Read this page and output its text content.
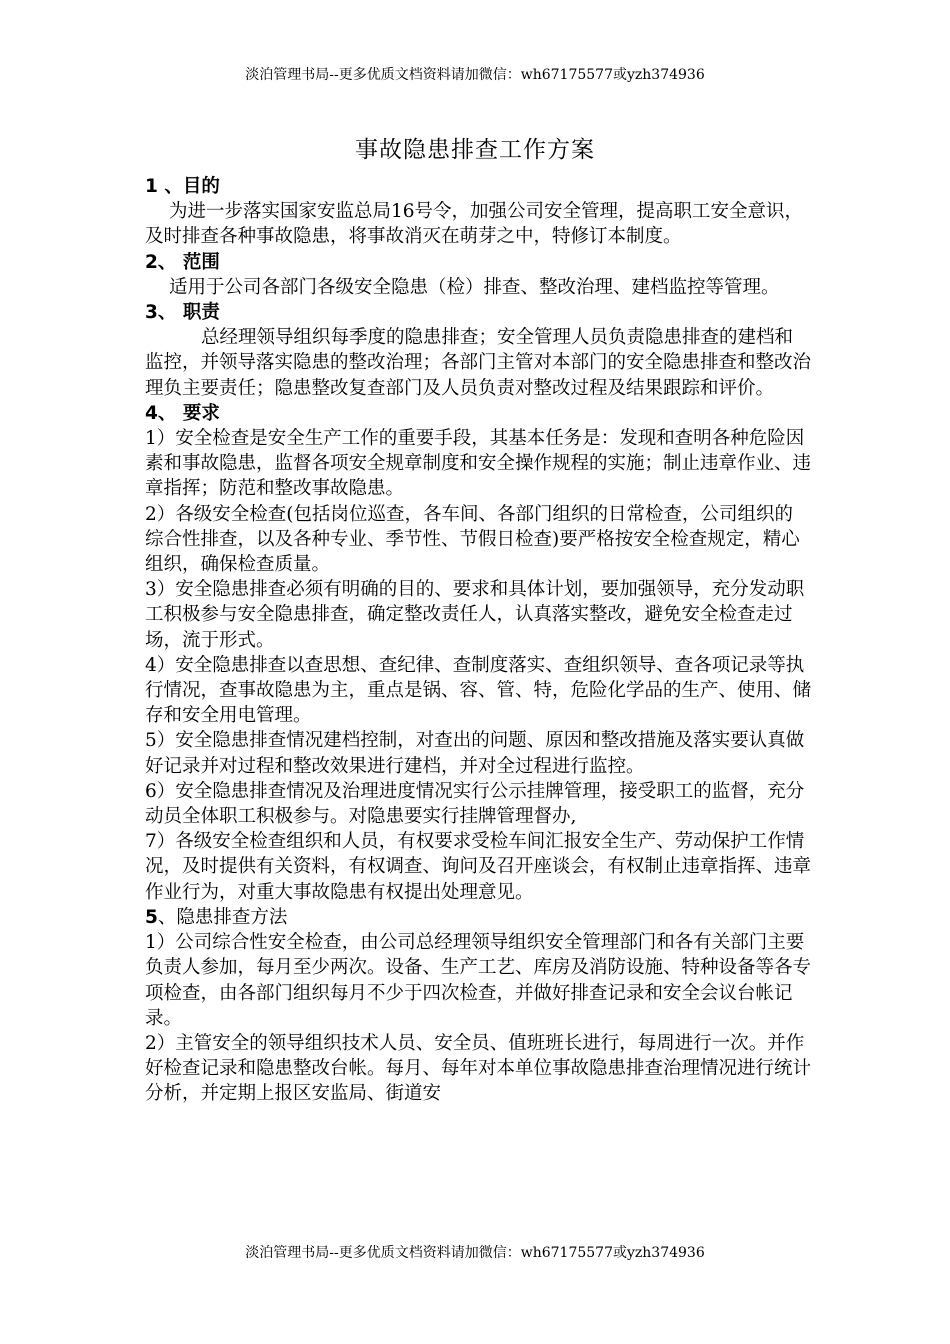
淡泊管理书局--更多优质文档资料请加微信：wh67175577或yzh374936
事故隐患排查工作方案

1 、目的

为进一步落实国家安监总局16号令，加强公司安全管理，提高职工安全意识，及时排查各种事故隐患，将事故消灭在萌芽之中，特修订本制度。

2、 范围

适用于公司各部门各级安全隐患（检）排查、整改治理、建档监控等管理。

3、 职责

总经理领导组织每季度的隐患排查；安全管理人员负责隐患排查的建档和监控，并领导落实隐患的整改治理；各部门主管对本部门的安全隐患排查和整改治理负主要责任；隐患整改复查部门及人员负责对整改过程及结果跟踪和评价。

4、 要求

1）安全检查是安全生产工作的重要手段，其基本任务是：发现和查明各种危险因素和事故隐患，监督各项安全规章制度和安全操作规程的实施；制止违章作业、违章指挥；防范和整改事故隐患。

2）各级安全检查(包括岗位巡查，各车间、各部门组织的日常检查，公司组织的综合性排查，以及各种专业、季节性、节假日检查)要严格按安全检查规定，精心组织，确保检查质量。

3）安全隐患排查必须有明确的目的、要求和具体计划，要加强领导，充分发动职工积极参与安全隐患排查，确定整改责任人，认真落实整改，避免安全检查走过场，流于形式。

4）安全隐患排查以查思想、查纪律、查制度落实、查组织领导、查各项记录等执行情况，查事故隐患为主，重点是锅、容、管、特，危险化学品的生产、使用、储存和安全用电管理。

5）安全隐患排查情况建档控制，对查出的问题、原因和整改措施及落实要认真做好记录并对过程和整改效果进行建档，并对全过程进行监控。

6）安全隐患排查情况及治理进度情况实行公示挂牌管理，接受职工的监督，充分动员全体职工积极参与。对隐患要实行挂牌管理督办,

7）各级安全检查组织和人员，有权要求受检车间汇报安全生产、劳动保护工作情况，及时提供有关资料，有权调查、询问及召开座谈会，有权制止违章指挥、违章作业行为，对重大事故隐患有权提出处理意见。

5、隐患排查方法

1）公司综合性安全检查，由公司总经理领导组织安全管理部门和各有关部门主要负责人参加，每月至少两次。设备、生产工艺、库房及消防设施、特种设备等各专项检查，由各部门组织每月不少于四次检查，并做好排查记录和安全会议台帐记录。

2）主管安全的领导组织技术人员、安全员、值班班长进行，每周进行一次。并作好检查记录和隐患整改台帐。每月、每年对本单位事故隐患排查治理情况进行统计分析，并定期上报区安监局、街道安

淡泊管理书局--更多优质文档资料请加微信：wh67175577或yzh374936
